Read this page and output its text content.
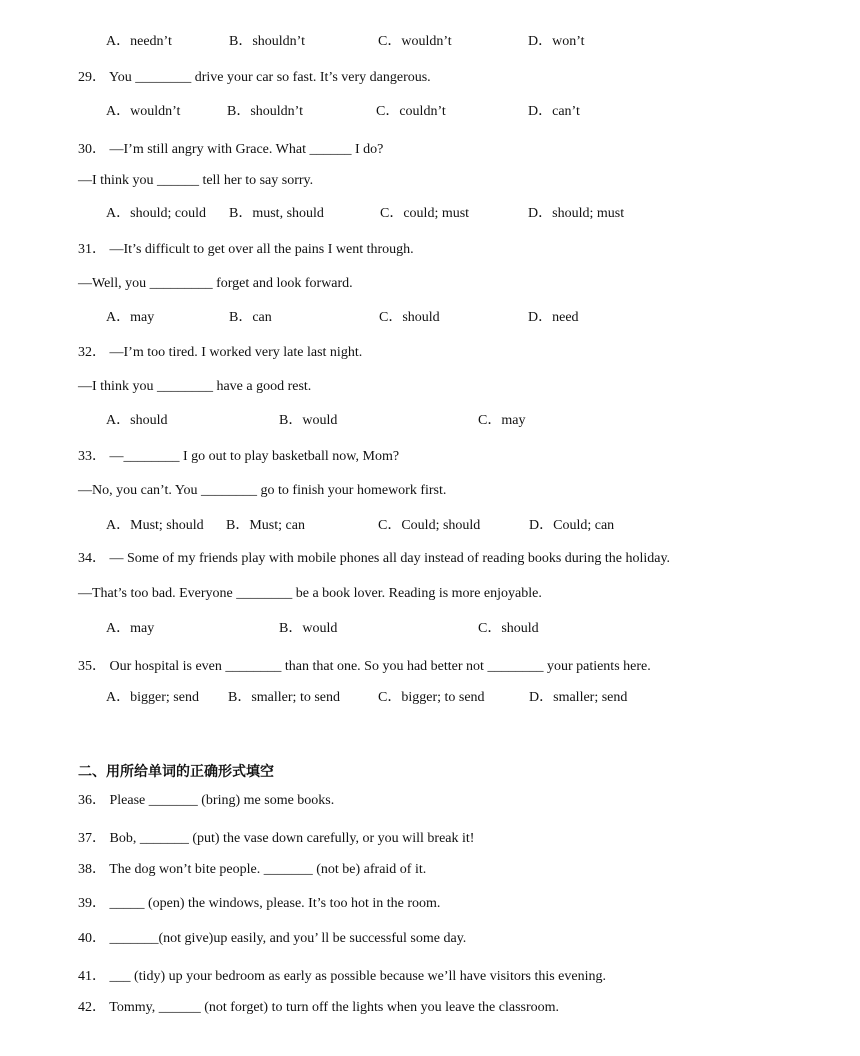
A．needn’t	B．shouldn’t	C．wouldn’t	D．won’t
29． You ________ drive your car so fast. It’s very dangerous.
A．wouldn’t	B．shouldn’t	C．couldn’t	D．can’t
30． —I’m still angry with Grace. What ______ I do?
—I think you ______ tell her to say sorry.
A．should; could B．must, should	C．could; must	D．should; must
31． —It’s difficult to get over all the pains I went through.
—Well, you _________ forget and look forward.
A．may	B．can	C．should	D．need
32． —I’m too tired. I worked very late last night.
—I think you ________ have a good rest.
A．should	B．would	C．may
33． —________ I go out to play basketball now, Mom?
—No, you can’t. You ________ go to finish your homework first.
A．Must; should B．Must; can	C．Could; should	D．Could; can
34． — Some of my friends play with mobile phones all day instead of reading books during the holiday.
—That’s too bad. Everyone ________ be a book lover. Reading is more enjoyable.
A．may	B．would	C．should
35． Our hospital is even ________ than that one. So you had better not ________ your patients here.
A．bigger; send B．smaller; to send	C．bigger; to send	D．smaller; send
二、用所给单词的正确形式填空
36． Please _______ (bring) me some books.
37． Bob, _______ (put) the vase down carefully, or you will break it!
38． The dog won’t bite people. _______ (not be) afraid of it.
39． _____ (open) the windows, please. It’s too hot in the room.
40． _______(not give)up easily, and you’ ll be successful some day.
41． ___ (tidy) up your bedroom as early as possible because we’ll have visitors this evening.
42． Tommy, ______ (not forget) to turn off the lights when you leave the classroom.
